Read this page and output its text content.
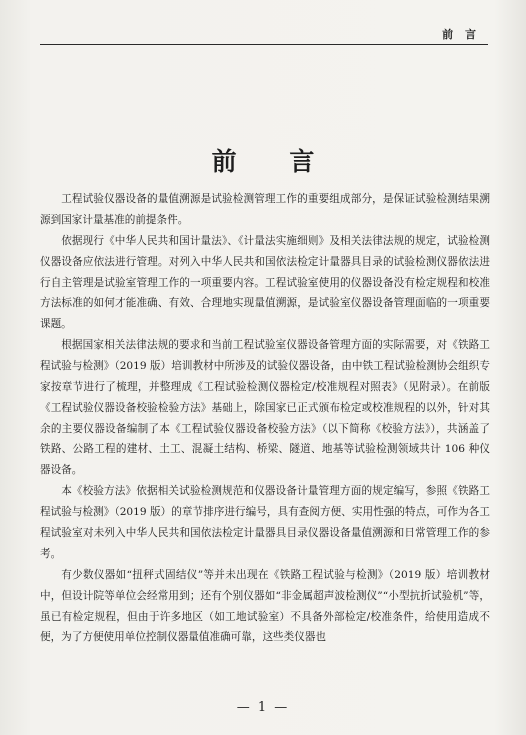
前 言
前 言

工程试验仪器设备的量值溯源是试验检测管理工作的重要组成部分，是保证试验检测结果溯源到国家计量基准的前提条件。

依据现行《中华人民共和国计量法》、《计量法实施细则》及相关法律法规的规定，试验检测仪器设备应依法进行管理。对列入中华人民共和国依法检定计量器具目录的试验检测仪器依法进行自主管理是试验室管理工作的一项重要内容。工程试验室使用的仪器设备没有检定规程和校准方法标准的如何才能准确、有效、合理地实现量值溯源，是试验室仪器设备管理面临的一项重要课题。

根据国家相关法律法规的要求和当前工程试验室仪器设备管理方面的实际需要，对《铁路工程试验与检测》（2019 版）培训教材中所涉及的试验仪器设备，由中铁工程试验检测协会组织专家按章节进行了梳理，并整理成《工程试验检测仪器检定/校准规程对照表》（见附录）。在前版《工程试验仪器设备校验检验方法》基础上，除国家已正式颁布检定或校准规程的以外，针对其余的主要仪器设备编制了本《工程试验仪器设备校验方法》（以下简称《校验方法》），共涵盖了铁路、公路工程的建材、土工、混凝土结构、桥梁、隧道、地基等试验检测领域共计 106 种仪器设备。

本《校验方法》依据相关试验检测规范和仪器设备计量管理方面的规定编写，参照《铁路工程试验与检测》（2019 版）的章节排序进行编号，具有查阅方便、实用性强的特点，可作为各工程试验室对未列入中华人民共和国依法检定计量器具目录仪器设备量值溯源和日常管理工作的参考。

有少数仪器如“扭秤式固结仪”等并未出现在《铁路工程试验与检测》（2019 版）培训教材中，但设计院等单位会经常用到；还有个别仪器如“非金属超声波检测仪”“小型抗折试验机”等，虽已有检定规程，但由于许多地区（如工地试验室）不具备外部检定/校准条件，给使用造成不便，为了方便使用单位控制仪器量值准确可靠，这些类仪器也

— 1 —
